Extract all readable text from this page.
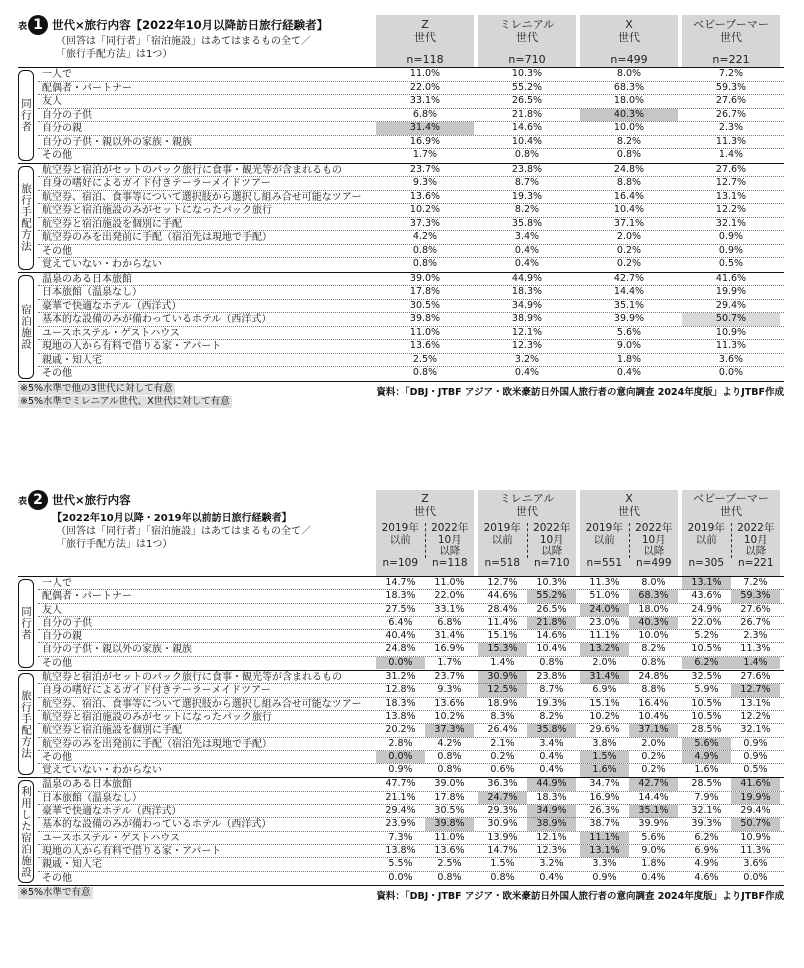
表 1 世代×旅行内容 【2022年10月以降訪日旅行経験者】
（回答は「同行者」「宿泊施設」はあてはまるもの全て／
「旅行手配方法」は1つ）
Z
世代
n=118
ミレニアル
世代
n=710
X
世代
n=499
ベビーブーマー
世代
n=221
同行者
一人で	11.0%	10.3%	8.0%	7.2%
配偶者・パートナー	22.0%	55.2%	68.3%	59.3%
友人	33.1%	26.5%	18.0%	27.6%
自分の子供	6.8%	21.8%	40.3%	26.7%
自分の親	31.4%	14.6%	10.0%	2.3%
自分の子供・親以外の家族・親族	16.9%	10.4%	8.2%	11.3%
その他	1.7%	0.8%	0.8%	1.4%
旅行手配方法
航空券と宿泊がセットのパック旅行に食事・観光等が含まれるもの	23.7%	23.8%	24.8%	27.6%
自身の嗜好によるガイド付きテーラーメイドツアー	9.3%	8.7%	8.8%	12.7%
航空券、宿泊、食事等について選択肢から選択し組み合せ可能なツアー	13.6%	19.3%	16.4%	13.1%
航空券と宿泊施設のみがセットになったパック旅行	10.2%	8.2%	10.4%	12.2%
航空券と宿泊施設を個別に手配	37.3%	35.8%	37.1%	32.1%
航空券のみを出発前に手配（宿泊先は現地で手配）	4.2%	3.4%	2.0%	0.9%
その他	0.8%	0.4%	0.2%	0.9%
覚えていない・わからない	0.8%	0.4%	0.2%	0.5%
宿泊施設
温泉のある日本旅館	39.0%	44.9%	42.7%	41.6%
日本旅館（温泉なし）	17.8%	18.3%	14.4%	19.9%
豪華で快適なホテル（西洋式）	30.5%	34.9%	35.1%	29.4%
基本的な設備のみが備わっているホテル（西洋式）	39.8%	38.9%	39.9%	50.7%
ユースホステル・ゲストハウス	11.0%	12.1%	5.6%	10.9%
現地の人から有料で借りる家・アパート	13.6%	12.3%	9.0%	11.3%
親戚・知人宅	2.5%	3.2%	1.8%	3.6%
その他	0.8%	0.4%	0.4%	0.0%
※5%水準で他の3世代に対して有意
※5%水準でミレニアル世代、X世代に対して有意
資料：「DBJ・JTBF アジア・欧米豪訪日外国人旅行者の意向調査 2024年度版」よりJTBF作成
表 2 世代×旅行内容
【2022年10月以降・2019年以前訪日旅行経験者】
（回答は「同行者」「宿泊施設」はあてはまるもの全て／
「旅行手配方法」は1つ）
Z
世代
2019年
以前
n=109
2022年
10月
以降
n=118
ミレニアル
世代
2019年
以前
n=518
2022年
10月
以降
n=710
X
世代
2019年
以前
n=551
2022年
10月
以降
n=499
ベビーブーマー
世代
2019年
以前
n=305
2022年
10月
以降
n=221
同行者
一人で	14.7%	11.0%	12.7%	10.3%	11.3%	8.0%	13.1%	7.2%
配偶者・パートナー	18.3%	22.0%	44.6%	55.2%	51.0%	68.3%	43.6%	59.3%
友人	27.5%	33.1%	28.4%	26.5%	24.0%	18.0%	24.9%	27.6%
自分の子供	6.4%	6.8%	11.4%	21.8%	23.0%	40.3%	22.0%	26.7%
自分の親	40.4%	31.4%	15.1%	14.6%	11.1%	10.0%	5.2%	2.3%
自分の子供・親以外の家族・親族	24.8%	16.9%	15.3%	10.4%	13.2%	8.2%	10.5%	11.3%
その他	0.0%	1.7%	1.4%	0.8%	2.0%	0.8%	6.2%	1.4%
旅行手配方法
航空券と宿泊がセットのパック旅行に食事・観光等が含まれるもの	31.2%	23.7%	30.9%	23.8%	31.4%	24.8%	32.5%	27.6%
自身の嗜好によるガイド付きテーラーメイドツアー	12.8%	9.3%	12.5%	8.7%	6.9%	8.8%	5.9%	12.7%
航空券、宿泊、食事等について選択肢から選択し組み合せ可能なツアー	18.3%	13.6%	18.9%	19.3%	15.1%	16.4%	10.5%	13.1%
航空券と宿泊施設のみがセットになったパック旅行	13.8%	10.2%	8.3%	8.2%	10.2%	10.4%	10.5%	12.2%
航空券と宿泊施設を個別に手配	20.2%	37.3%	26.4%	35.8%	29.6%	37.1%	28.5%	32.1%
航空券のみを出発前に手配（宿泊先は現地で手配）	2.8%	4.2%	2.1%	3.4%	3.8%	2.0%	5.6%	0.9%
その他	0.0%	0.8%	0.2%	0.4%	1.5%	0.2%	4.9%	0.9%
覚えていない・わからない	0.9%	0.8%	0.6%	0.4%	1.6%	0.2%	1.6%	0.5%
利用した宿泊施設
温泉のある日本旅館	47.7%	39.0%	36.3%	44.9%	34.7%	42.7%	28.5%	41.6%
日本旅館（温泉なし）	21.1%	17.8%	24.7%	18.3%	16.9%	14.4%	7.9%	19.9%
豪華で快適なホテル（西洋式）	29.4%	30.5%	29.3%	34.9%	26.3%	35.1%	32.1%	29.4%
基本的な設備のみが備わっているホテル（西洋式）	23.9%	39.8%	30.9%	38.9%	38.7%	39.9%	39.3%	50.7%
ユースホステル・ゲストハウス	7.3%	11.0%	13.9%	12.1%	11.1%	5.6%	6.2%	10.9%
現地の人から有料で借りる家・アパート	13.8%	13.6%	14.7%	12.3%	13.1%	9.0%	6.9%	11.3%
親戚・知人宅	5.5%	2.5%	1.5%	3.2%	3.3%	1.8%	4.9%	3.6%
その他	0.0%	0.8%	0.8%	0.4%	0.9%	0.4%	4.6%	0.0%
※5%水準で有意	資料：「DBJ・JTBF アジア・欧米豪訪日外国人旅行者の意向調査 2024年度版」よりJTBF作成
